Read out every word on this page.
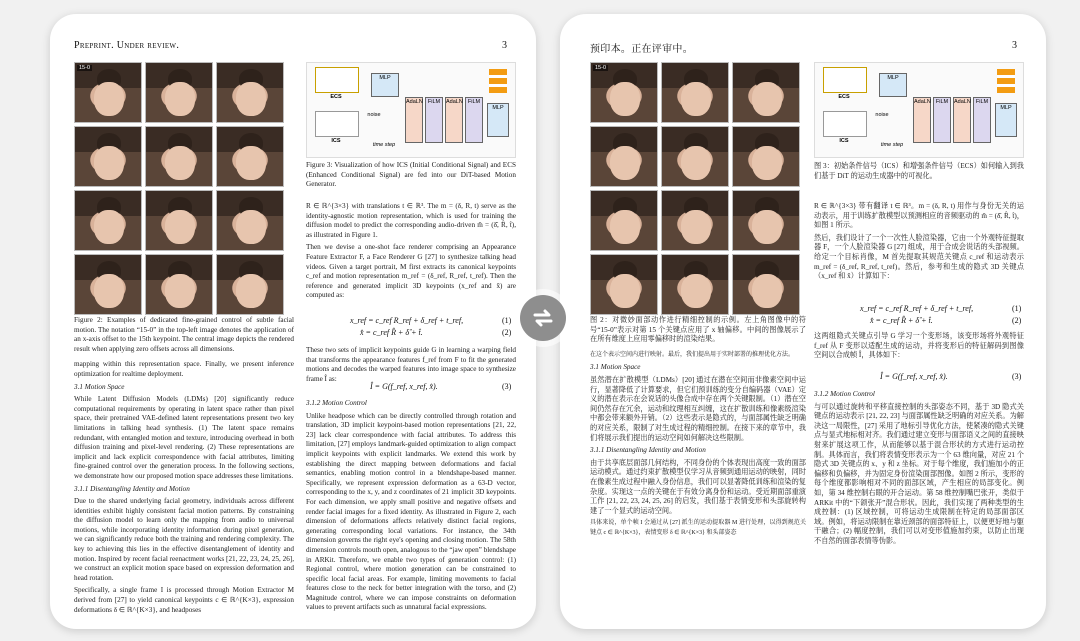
Preprint. Under review.	3
15-0
ECS
MLP
ICS
noise
time step
AdaLN FiLM	AdaLN FiLM
MLP
Figure 3: Visualization of how ICS (Initial Conditional Signal) and ECS (Enhanced Conditional Signal) are fed into our DiT-based Motion Generator.

Figure 2: Examples of dedicated fine-grained control of subtle facial motion. The notation “15-0” in the top-left image denotes the application of an x-axis offset to the 15th keypoint. The central image depicts the rendered result when applying zero offsets across all dimensions.

mapping within this representation space. Finally, we present inference optimization for realtime deployment.

3.1 Motion Space

While Latent Diffusion Models (LDMs) [20] significantly reduce computational requirements by operating in latent space rather than pixel space, their pretrained VAE-defined latent representations present two key limitations in talking head synthesis. (1) The latent space remains redundant, with entangled motion and texture, introducing overhead in both diffusion training and pixel-level rendering. (2) These representations are implicit and lack explicit correspondence with facial attributes, limiting fine-grained control over the generation process. In the following sections, we demonstrate how our proposed motion space addresses these limitations.

3.1.1 Disentangling Identity and Motion

Due to the shared underlying facial geometry, individuals across different identities exhibit highly consistent facial motion patterns. By constraining the diffusion model to learn only the mapping from audio to universal motions, while incorporating identity information during pixel generation, we can significantly reduce both the training and rendering complexity. The key to achieving this lies in the effective disentanglement of identity and motion. Inspired by recent facial reenactment works [21, 22, 23, 24, 25, 26], we construct an explicit motion space based on expression deformation and head rotation.

Specifically, a single frame I is processed through Motion Extractor M derived from [27] to yield canonical keypoints c ∈ ℝ^{K×3}, expression deformations δ ∈ ℝ^{K×3}, and headposes

R ∈ ℝ^{3×3} with translations t ∈ ℝ³. The m = (δ, R, t) serve as the identity-agnostic motion representation, which is used for training the diffusion model to predict the corresponding audio-driven m̂ = (δ̂, R̂, t̂), as illustrated in Figure 1.

Then we devise a one-shot face renderer comprising an Appearance Feature Extractor F, a Face Renderer G [27] to synthesize talking head videos. Given a target portrait, M first extracts its canonical keypoints c_ref and motion representation m_ref = (δ_ref, R_ref, t_ref). Then the reference and generated implicit 3D keypoints (x_ref and x̂) are computed as:

x_ref = c_ref R_ref + δ_ref + t_ref,	(1)
x̂ = c_ref R̂ + δ̂ + t̂.	(2)

These two sets of implicit keypoints guide G in learning a warping field that transforms the appearance features f_ref from F to fit the generated motions and decodes the warped features into image space to synthesize frame Î as:

Î = G(f_ref, x_ref, x̂).	(3)

3.1.2 Motion Control

Unlike headpose which can be directly controlled through rotation and translation, 3D implicit keypoint-based motion representations [21, 22, 23] lack clear correspondence with facial attributes. To address this limitation, [27] employs landmark-guided optimization to align compact implicit keypoints with explicit landmarks. We extend this work by establishing the direct mapping between deformations and facial semantics, enabling motion control in a blendshape-based manner. Specifically, we represent expression deformation as a 63-D vector, corresponding to the x, y, and z coordinates of 21 implicit 3D keypoints. For each dimension, we apply small positive and negative offsets and render facial images for a fixed identity. As illustrated in Figure 2, each dimension of deformations affects relatively distinct facial regions, generating corresponding local variations. For instance, the 34th dimension governs the right eye's opening and closing motion. The 58th dimension controls mouth open, analogous to the “jaw open” blendshape in ARKit. Therefore, we enable two types of generation control: (1) Regional control, where motion generation can be constrained to specific local facial areas. For example, limiting movements to facial features close to the neck for better integration with the torso, and (2) Magnitude control, where we can impose constraints on deformation values to prevent artifacts such as unnatural facial expressions.

预印本。正在评审中。	3
15-0
ECS
MLP
ICS
noise
time step
AdaLN FiLM	AdaLN FiLM
MLP
图 3：初始条件信号（ICS）和增强条件信号（ECS）如何输入到我们基于 DiT 的运动生成器中的可视化。

图 2：对微妙面部动作进行精细控制的示例。左上角图像中的符号“15-0”表示对第 15 个关键点应用了 x 轴偏移。中间的图像展示了在所有维度上应用零偏移时的渲染结果。

在这个表示空间内进行映射。最后，我们提出用于实时部署的推理优化方法。

3.1 Motion Space

虽然潜在扩散模型（LDMs）[20] 通过在潜在空间而非像素空间中运行，显著降低了计算要求，但它们预训练的变分自编码器（VAE）定义的潜在表示在会说话的头像合成中存在两个关键限制。（1）潜在空间仍然存在冗余，运动和纹理相互纠缠，这在扩散训练和像素级渲染中都会带来额外开销。（2）这些表示是隐式的，与面部属性缺乏明确的对应关系，限制了对生成过程的精细控制。在接下来的章节中，我们将展示我们提出的运动空间如何解决这些限制。

3.1.1 Disentangling Identity and Motion

由于共享底层面部几何结构，不同身份的个体表现出高度一致的面部运动模式。通过约束扩散模型仅学习从音频到通用运动的映射，同时在像素生成过程中融入身份信息，我们可以显著降低训练和渲染的复杂度。实现这一点的关键在于有效分离身份和运动。受近期面部重演工作 [21, 22, 23, 24, 25, 26] 的启发，我们基于表情变形和头部旋转构建了一个显式的运动空间。

具体来说，单个帧 I 会通过从 [27] 派生的运动提取器 M 进行处理，以得到规范关键点 c ∈ ℝ^{K×3}，表情变形 δ ∈ ℝ^{K×3} 和头部姿态

R ∈ ℝ^{3×3} 带有翻译 t ∈ ℝ³。m = (δ, R, t) 用作与身份无关的运动表示，用于训练扩散模型以预测相应的音频驱动的 m̂ = (δ̂, R̂, t̂)，如图 1 所示。

然后，我们设计了一个一次性人脸渲染器，它由一个外观特征提取器 F，一个人脸渲染器 G [27] 组成，用于合成会说话的头部视频。给定一个目标肖像，M 首先提取其规范关键点 c_ref 和运动表示 m_ref = (δ_ref, R_ref, t_ref)。然后，参考和生成的隐式 3D 关键点（x_ref 和 x̂）计算如下：

x_ref = c_ref R_ref + δ_ref + t_ref,	(1)
x̂ = c_ref R̂ + δ̂ + t̂.	(2)

这两组隐式关键点引导 G 学习一个变形场，该变形场将外观特征 f_ref 从 F 变形以适配生成的运动，并将变形后的特征解码到图像空间以合成帧 Î，具体如下：

Î = G(f_ref, x_ref, x̂).	(3)

3.1.2 Motion Control

与可以通过旋转和平移直接控制的头部姿态不同，基于 3D 隐式关键点的运动表示 [21, 22, 23] 与面部属性缺乏明确的对应关系。为解决这一局限性，[27] 采用了地标引导优化方法，使紧凑的隐式关键点与显式地标相对齐。我们通过建立变形与面部语义之间的直接映射来扩展这项工作，从而能够以基于混合形状的方式进行运动控制。具体而言，我们将表情变形表示为一个 63 维向量，对应 21 个隐式 3D 关键点的 x、y 和 z 坐标。对于每个维度，我们施加小的正偏移和负偏移，并为固定身份渲染面部图像。如图 2 所示，变形的每个维度都影响相对不同的面部区域，产生相应的局部变化。例如，第 34 维控制右眼的开合运动。第 58 维控制嘴巴张开，类似于 ARKit 中的“下颌张开”混合形状。因此，我们实现了两种类型的生成控制：(1) 区域控制，可将运动生成限制在特定的局部面部区域。例如，将运动限制在靠近颈部的面部特征上，以便更好地与躯干融合；(2) 幅度控制，我们可以对变形值施加约束，以防止出现不自然的面部表情等伪影。
